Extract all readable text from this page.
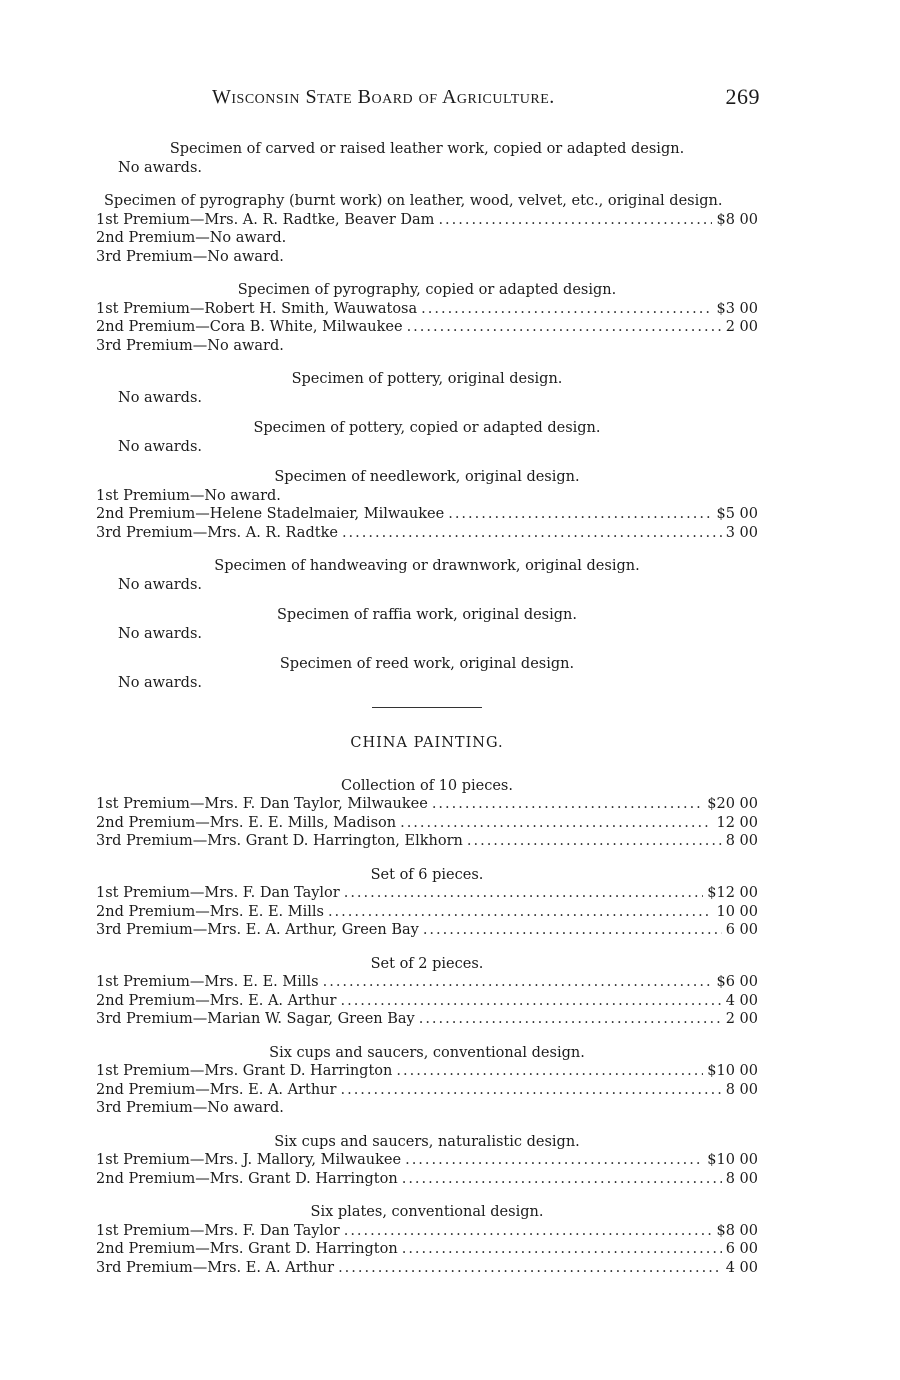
Wisconsin State Board of Agriculture.	269
Specimen of carved or raised leather work, copied or adapted design.
No awards.
Specimen of pyrography (burnt work) on leather, wood, velvet, etc., original design.
1st Premium —Mrs. A. R. Radtke, Beaver Dam .....	$8 00
2nd Premium —No award.
3rd Premium —No award.
Specimen of pyrography, copied or adapted design.
1st Premium —Robert H. Smith, Wauwatosa .....	$3 00
2nd Premium —Cora B. White, Milwaukee .....	2 00
3rd Premium —No award.
Specimen of pottery, original design.
No awards.
Specimen of pottery, copied or adapted design.
No awards.
Specimen of needlework, original design.
1st Premium —No award.
2nd Premium —Helene Stadelmaier, Milwaukee .....	$5 00
3rd Premium —Mrs. A. R. Radtke .....	3 00
Specimen of handweaving or drawnwork, original design.
No awards.
Specimen of raffia work, original design.
No awards.
Specimen of reed work, original design.
No awards.
CHINA PAINTING.
Collection of 10 pieces.
1st Premium —Mrs. F. Dan Taylor, Milwaukee .....	$20 00
2nd Premium —Mrs. E. E. Mills, Madison .....	12 00
3rd Premium —Mrs. Grant D. Harrington, Elkhorn .....	8 00
Set of 6 pieces.
1st Premium —Mrs. F. Dan Taylor .....	$12 00
2nd Premium —Mrs. E. E. Mills .....	10 00
3rd Premium —Mrs. E. A. Arthur, Green Bay .....	6 00
Set of 2 pieces.
1st Premium —Mrs. E. E. Mills .....	$6 00
2nd Premium —Mrs. E. A. Arthur .....	4 00
3rd Premium —Marian W. Sagar, Green Bay .....	2 00
Six cups and saucers, conventional design.
1st Premium —Mrs. Grant D. Harrington .....	$10 00
2nd Premium —Mrs. E. A. Arthur .....	8 00
3rd Premium —No award.
Six cups and saucers, naturalistic design.
1st Premium —Mrs. J. Mallory, Milwaukee .....	$10 00
2nd Premium —Mrs. Grant D. Harrington .....	8 00
Six plates, conventional design.
1st Premium —Mrs. F. Dan Taylor .....	$8 00
2nd Premium —Mrs. Grant D. Harrington .....	6 00
3rd Premium —Mrs. E. A. Arthur .....	4 00
